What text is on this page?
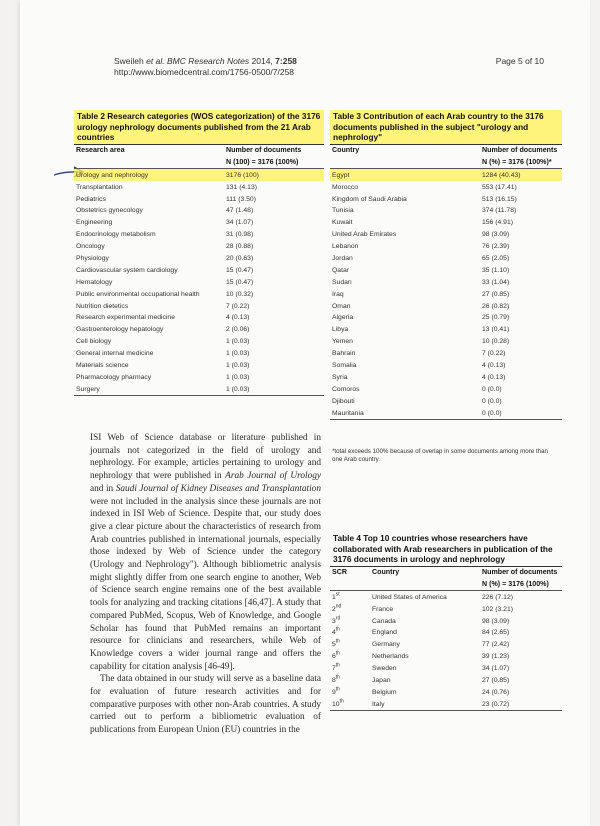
Sweileh et al. BMC Research Notes 2014, 7:258
http://www.biomedcentral.com/1756-0500/7/258
Page 5 of 10
Table 2 Research categories (WOS categorization) of the 3176 urology nephrology documents published from the 21 Arab countries
Research area	Number of documents
N (100) = 3176 (100%)
Urology and nephrology	3176 (100)
Transplantation	131 (4.13)
Pediatrics	111 (3.50)
Obstetrics gynecology	47 (1.48)
Engineering	34 (1.07)
Endocrinology metabolism	31 (0.98)
Oncology	28 (0.88)
Physiology	20 (0.63)
Cardiovascular system cardiology	15 (0.47)
Hematology	15 (0.47)
Public environmental occupational health	10 (0.32)
Nutrition dietetics	7 (0.22)
Research experimental medicine	4 (0.13)
Gastroenterology hepatology	2 (0.06)
Cell biology	1 (0.03)
General internal medicine	1 (0.03)
Materials science	1 (0.03)
Pharmacology pharmacy	1 (0.03)
Surgery	1 (0.03)
Table 3 Contribution of each Arab country to the 3176 documents published in the subject "urology and nephrology"
Country	Number of documents
N (%) = 3176 (100%)*
Egypt	1284 (40.43)
Morocco	553 (17.41)
Kingdom of Saudi Arabia	513 (16.15)
Tunisia	374 (11.78)
Kuwait	156 (4.91)
United Arab Emirates	98 (3.09)
Lebanon	76 (2.39)
Jordan	65 (2.05)
Qatar	35 (1.10)
Sudan	33 (1.04)
Iraq	27 (0.85)
Oman	26 (0.82)
Algeria	25 (0.79)
Libya	13 (0.41)
Yemen	10 (0.28)
Bahrain	7 (0.22)
Somalia	4 (0.13)
Syria	4 (0.13)
Comoros	0 (0.0)
Djibouti	0 (0.0)
Mauritania	0 (0.0)
*total exceeds 100% because of overlap in some documents among more than one Arab country.
Table 4 Top 10 countries whose researchers have collaborated with Arab researchers in publication of the 3176 documents in urology and nephrology
SCR	Country	Number of documents
N (%) = 3176 (100%)
1st	United States of America	226 (7.12)
2nd	France	102 (3.21)
3rd	Canada	98 (3.09)
4th	England	84 (2.65)
5th	Germany	77 (2.42)
6th	Netherlands	39 (1.23)
7th	Sweden	34 (1.07)
8th	Japan	27 (0.85)
9th	Belgium	24 (0.76)
10th	Italy	23 (0.72)

ISI Web of Science database or literature published in journals not categorized in the field of urology and nephrology. For example, articles pertaining to urology and nephrology that were published in Arab Journal of Urology and in Saudi Journal of Kidney Diseases and Transplantation were not included in the analysis since these journals are not indexed in ISI Web of Science. Despite that, our study does give a clear picture about the characteristics of research from Arab countries published in international journals, especially those indexed by Web of Science under the category (Urology and Nephrology"). Although bibliometric analysis might slightly differ from one search engine to another, Web of Science search engine remains one of the best available tools for analyzing and tracking citations [46,47]. A study that compared PubMed, Scopus, Web of Knowledge, and Google Scholar has found that PubMed remains an important resource for clinicians and researchers, while Web of Knowledge covers a wider journal range and offers the capability for citation analysis [46-49].

The data obtained in our study will serve as a baseline data for evaluation of future research activities and for comparative purposes with other non-Arab countries. A study carried out to perform a bibliometric evaluation of publications from European Union (EU) countries in the
